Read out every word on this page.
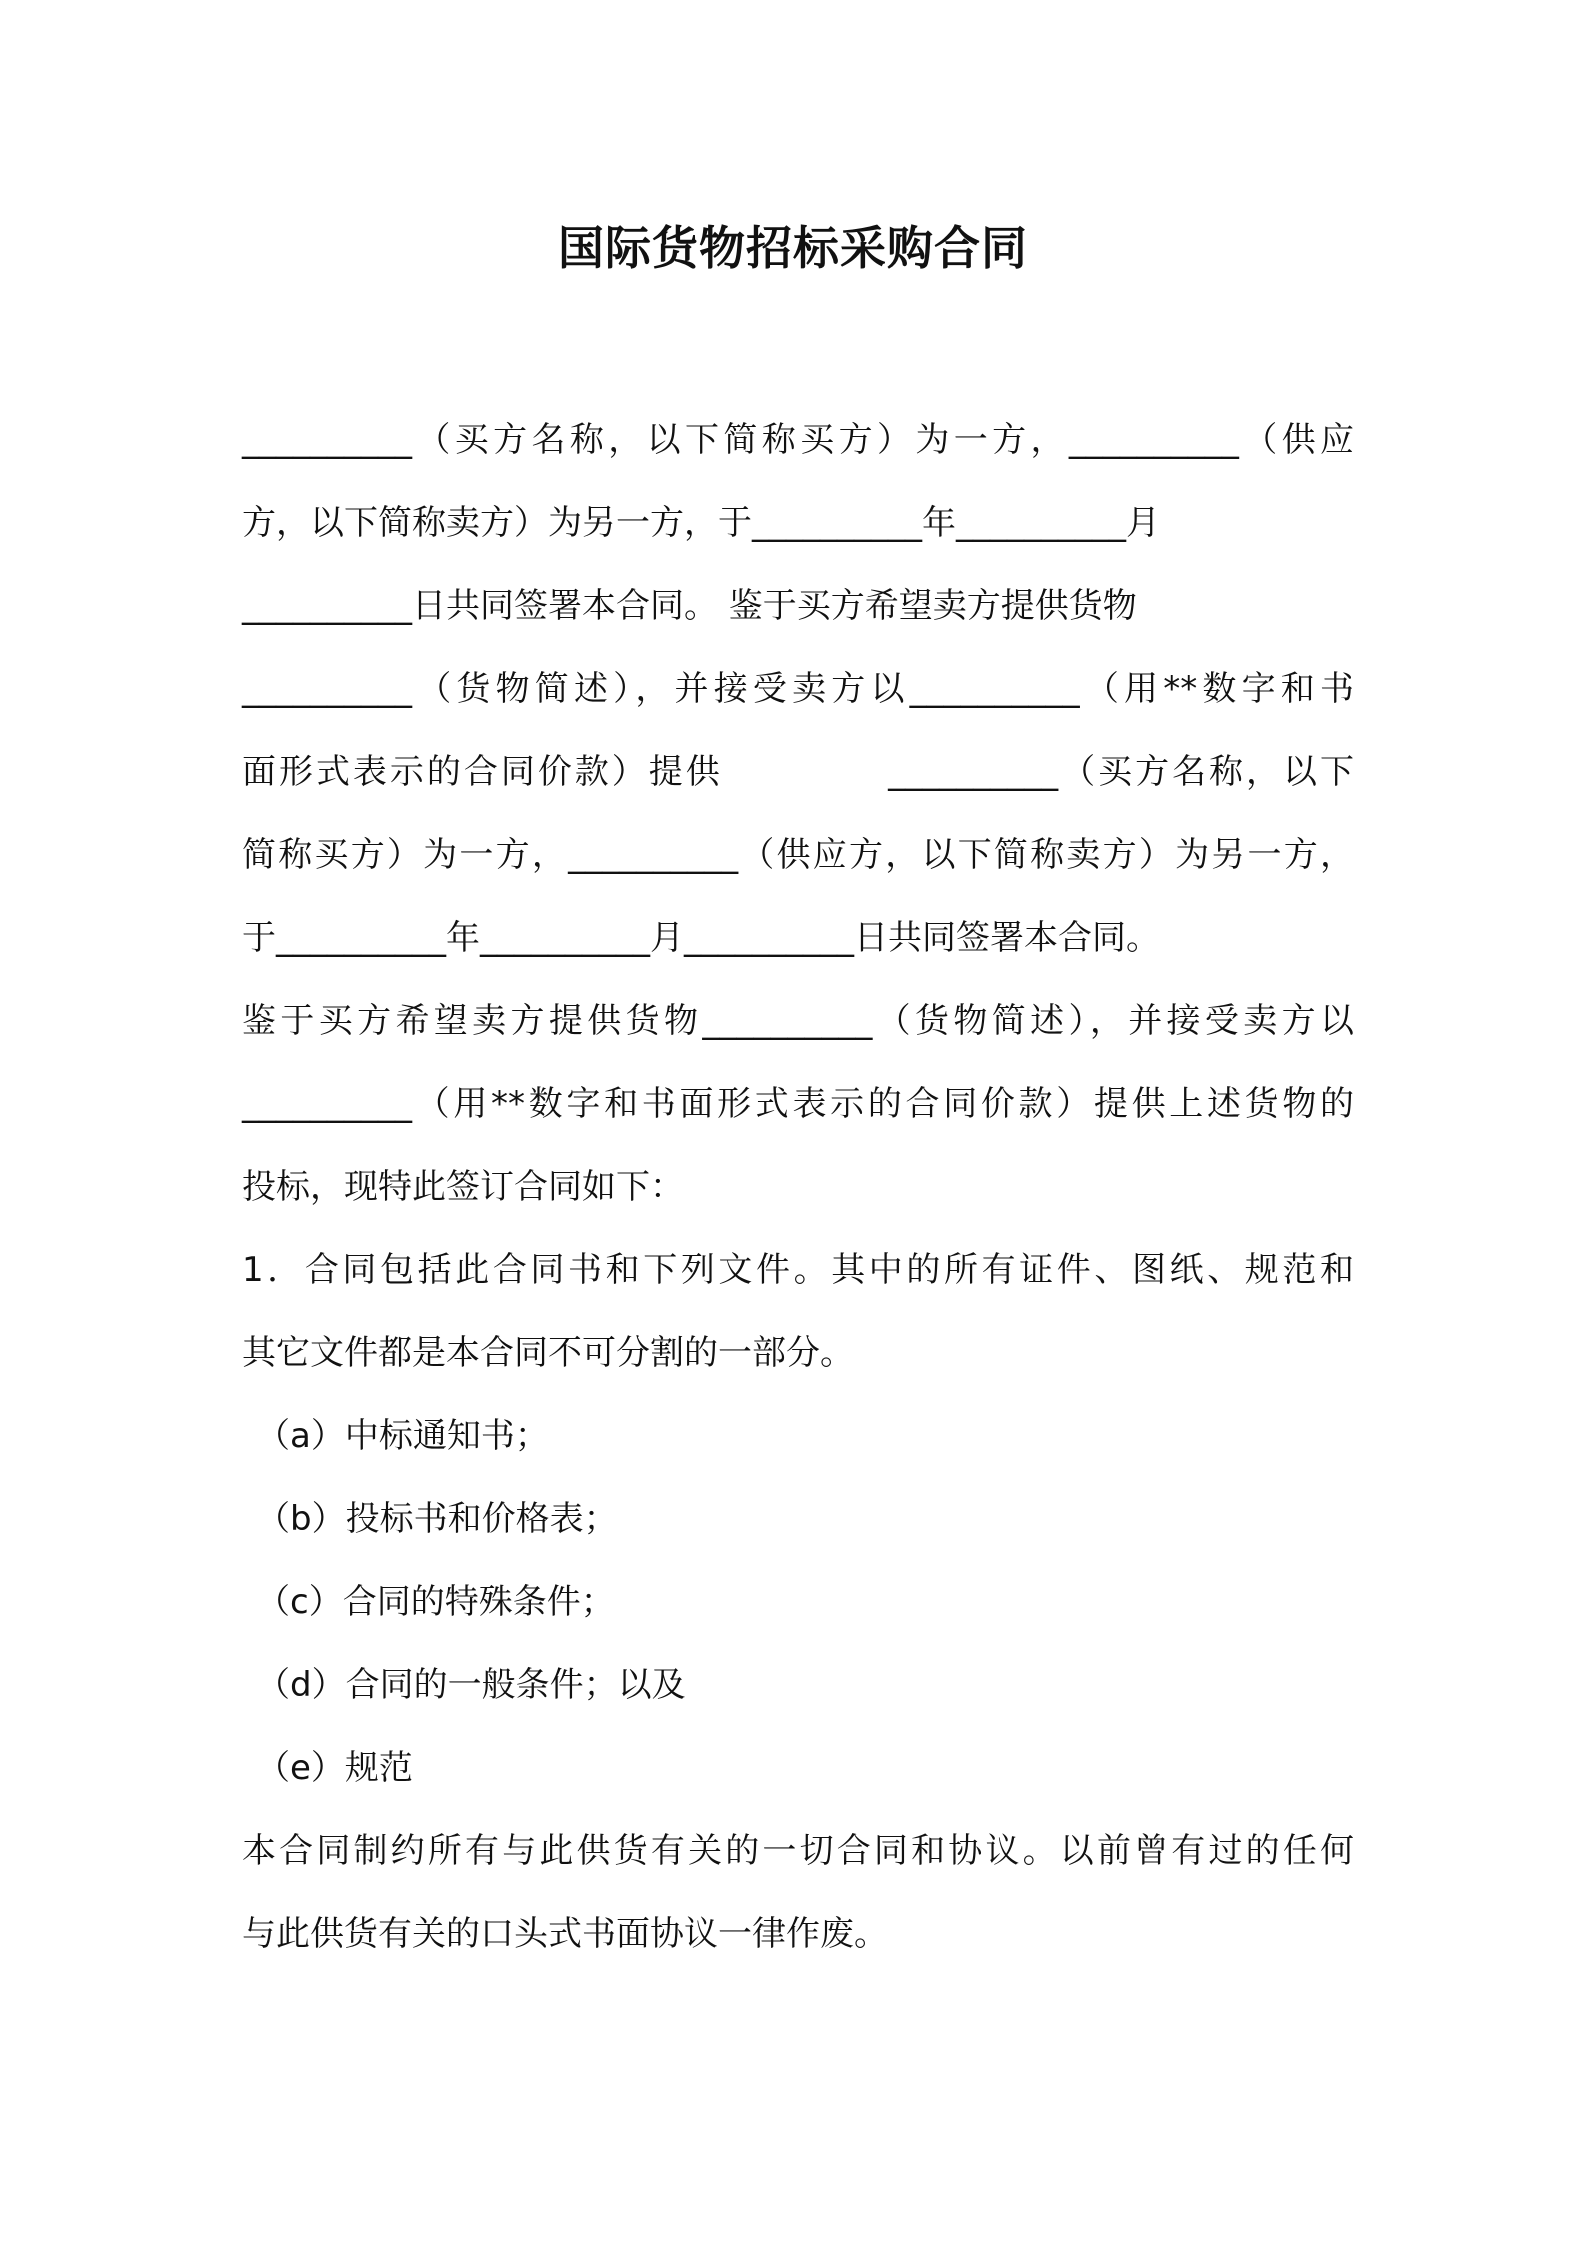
国际货物招标采购合同

__________（买方名称，以下简称买方）为一方，__________（供应

方，以下简称卖方）为另一方，于__________年__________月

__________日共同签署本合同。 鉴于买方希望卖方提供货物

__________（货物简述），并接受卖方以__________（用**数字和书

面形式表示的合同价款）提供            __________（买方名称，以下

简称买方）为一方，__________（供应方，以下简称卖方）为另一方，

于__________年__________月__________日共同签署本合同。

鉴于买方希望卖方提供货物__________（货物简述），并接受卖方以

__________（用**数字和书面形式表示的合同价款）提供上述货物的

投标，现特此签订合同如下：

1．合同包括此合同书和下列文件。其中的所有证件、图纸、规范和

其它文件都是本合同不可分割的一部分。

（a）中标通知书；

（b）投标书和价格表；

（c）合同的特殊条件；

（d）合同的一般条件；以及

（e）规范

本合同制约所有与此供货有关的一切合同和协议。以前曾有过的任何

与此供货有关的口头式书面协议一律作废。
